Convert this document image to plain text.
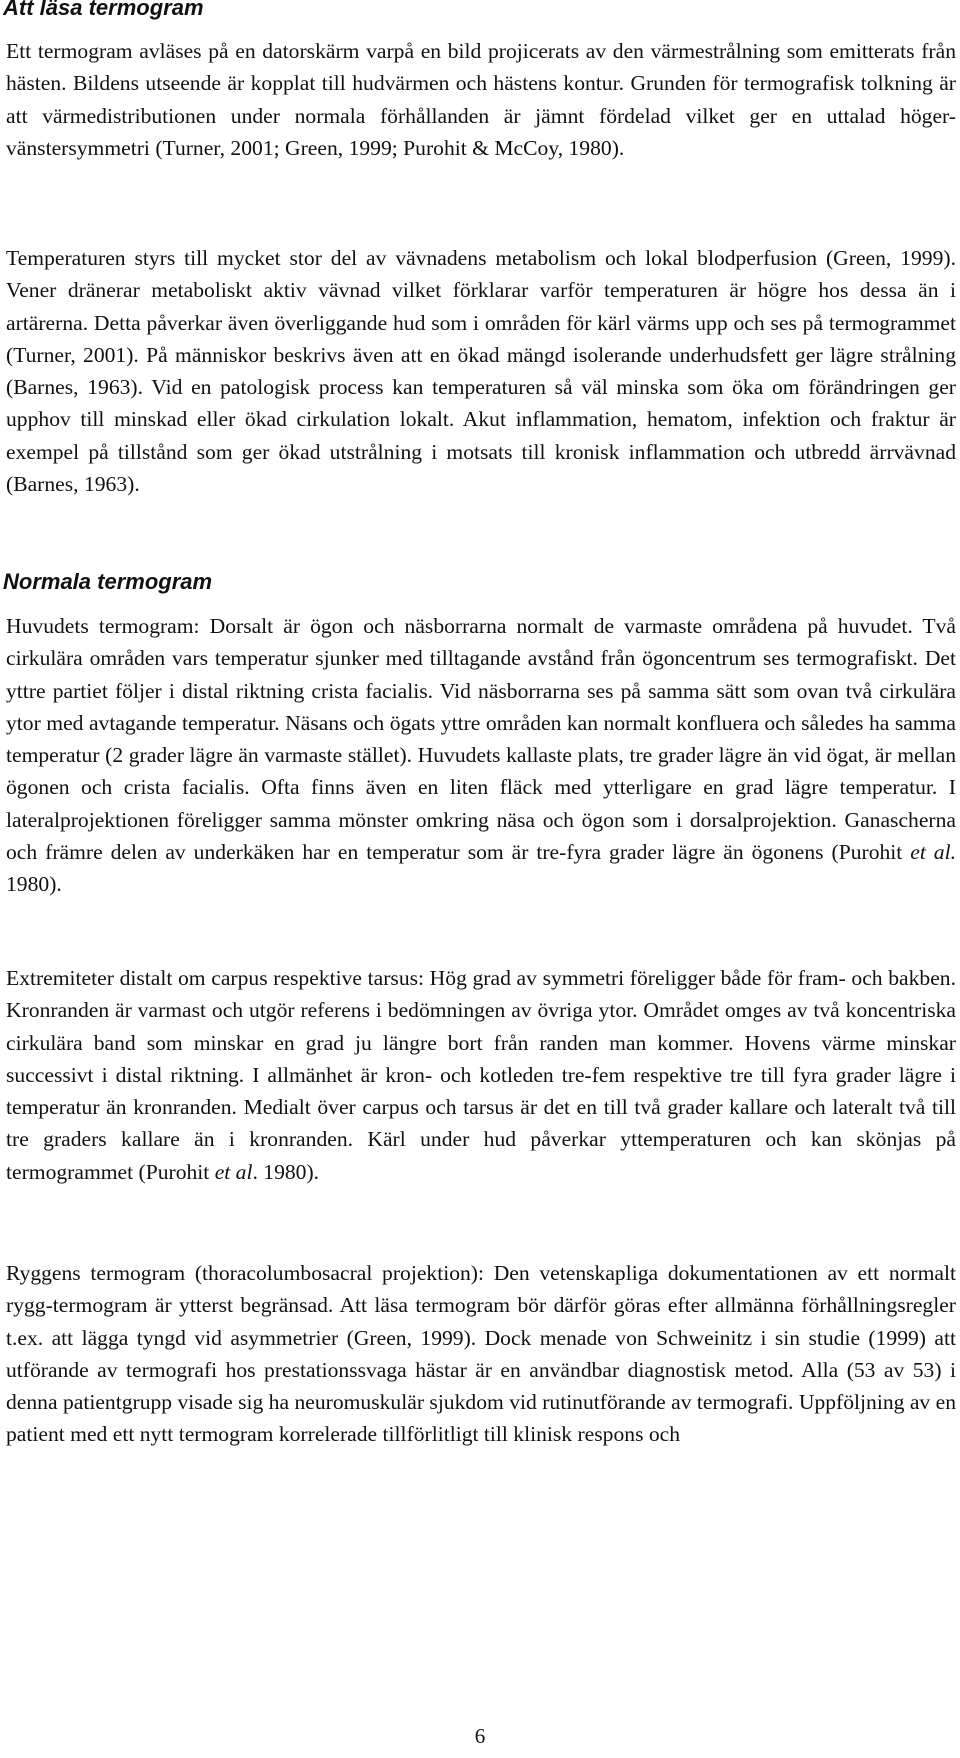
Att läsa termogram

Ett termogram avläses på en datorskärm varpå en bild projicerats av den värmestrålning som emitterats från hästen. Bildens utseende är kopplat till hudvärmen och hästens kontur. Grunden för termografisk tolkning är att värmedistributionen under normala förhållanden är jämnt fördelad vilket ger en uttalad höger-vänstersymmetri (Turner, 2001; Green, 1999; Purohit & McCoy, 1980).

Temperaturen styrs till mycket stor del av vävnadens metabolism och lokal blodperfusion (Green, 1999). Vener dränerar metaboliskt aktiv vävnad vilket förklarar varför temperaturen är högre hos dessa än i artärerna. Detta påverkar även överliggande hud som i områden för kärl värms upp och ses på termogrammet (Turner, 2001). På människor beskrivs även att en ökad mängd isolerande underhudsfett ger lägre strålning (Barnes, 1963). Vid en patologisk process kan temperaturen så väl minska som öka om förändringen ger upphov till minskad eller ökad cirkulation lokalt. Akut inflammation, hematom, infektion och fraktur är exempel på tillstånd som ger ökad utstrålning i motsats till kronisk inflammation och utbredd ärrvävnad (Barnes, 1963).

Normala termogram

Huvudets termogram: Dorsalt är ögon och näsborrarna normalt de varmaste områdena på huvudet. Två cirkulära områden vars temperatur sjunker med tilltagande avstånd från ögoncentrum ses termografiskt. Det yttre partiet följer i distal riktning crista facialis. Vid näsborrarna ses på samma sätt som ovan två cirkulära ytor med avtagande temperatur. Näsans och ögats yttre områden kan normalt konfluera och således ha samma temperatur (2 grader lägre än varmaste stället). Huvudets kallaste plats, tre grader lägre än vid ögat, är mellan ögonen och crista facialis. Ofta finns även en liten fläck med ytterligare en grad lägre temperatur. I lateralprojektionen föreligger samma mönster omkring näsa och ögon som i dorsalprojektion. Ganascherna och främre delen av underkäken har en temperatur som är tre-fyra grader lägre än ögonens (Purohit et al. 1980).

Extremiteter distalt om carpus respektive tarsus: Hög grad av symmetri föreligger både för fram- och bakben. Kronranden är varmast och utgör referens i bedömningen av övriga ytor. Området omges av två koncentriska cirkulära band som minskar en grad ju längre bort från randen man kommer. Hovens värme minskar successivt i distal riktning. I allmänhet är kron- och kotleden tre-fem respektive tre till fyra grader lägre i temperatur än kronranden. Medialt över carpus och tarsus är det en till två grader kallare och lateralt två till tre graders kallare än i kronranden. Kärl under hud påverkar yttemperaturen och kan skönjas på termogrammet (Purohit et al. 1980).

Ryggens termogram (thoracolumbosacral projektion): Den vetenskapliga dokumentationen av ett normalt rygg-termogram är ytterst begränsad. Att läsa termogram bör därför göras efter allmänna förhållningsregler t.ex. att lägga tyngd vid asymmetrier (Green, 1999). Dock menade von Schweinitz i sin studie (1999) att utförande av termografi hos prestationssvaga hästar är en användbar diagnostisk metod. Alla (53 av 53) i denna patientgrupp visade sig ha neuromuskulär sjukdom vid rutinutförande av termografi. Uppföljning av en patient med ett nytt termogram korrelerade tillförlitligt till klinisk respons och

6
